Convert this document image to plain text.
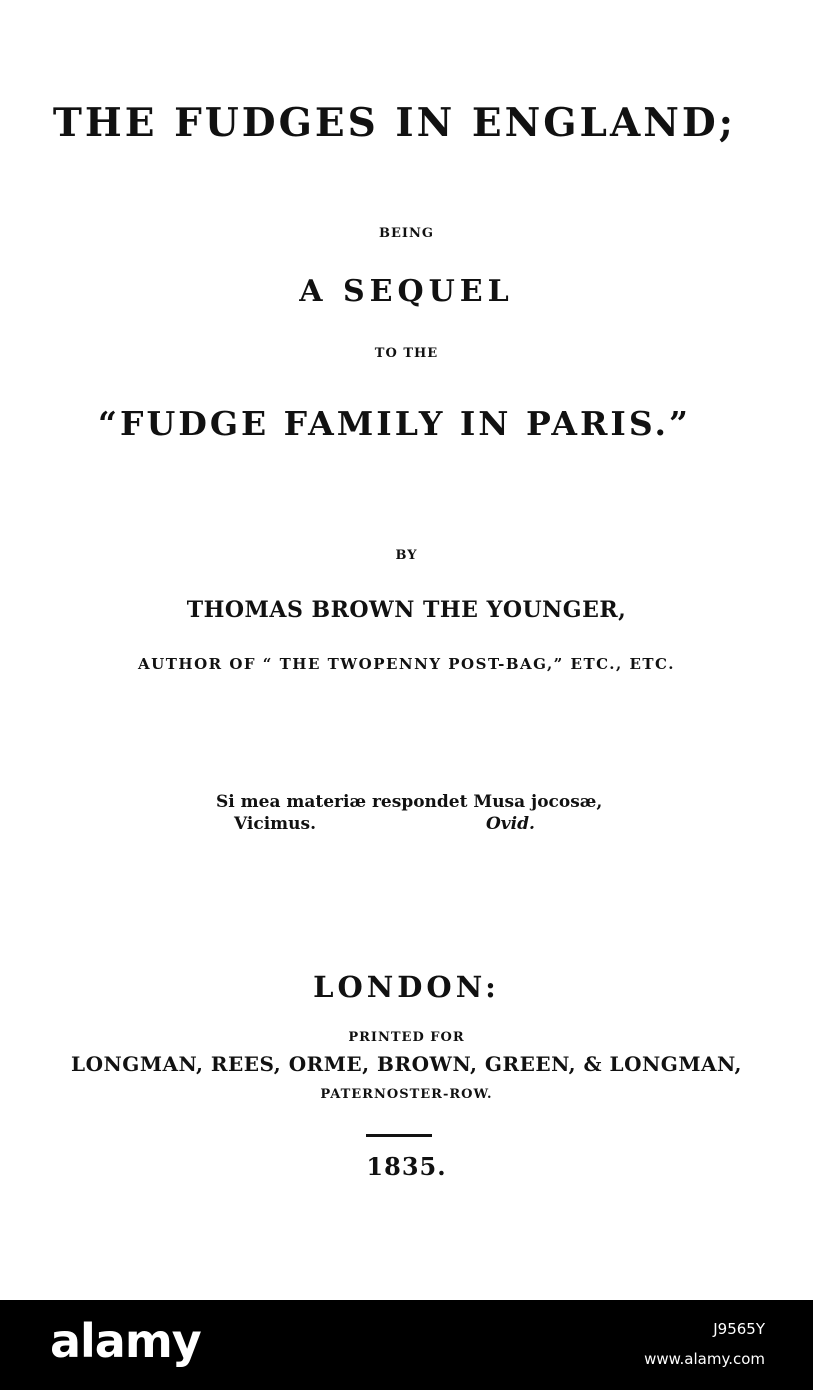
THE FUDGES IN ENGLAND;
BEING
A SEQUEL
TO THE
“FUDGE FAMILY IN PARIS.”
BY
THOMAS BROWN THE YOUNGER,
AUTHOR OF “ THE TWOPENNY POST-BAG,” ETC., ETC.
Si mea materiæ respondet Musa jocosæ,
Vicimus.	Ovid.
LONDON:
PRINTED FOR
LONGMAN, REES, ORME, BROWN, GREEN, & LONGMAN,
PATERNOSTER-ROW.
1835.
alamy	J9565Y
www.alamy.com
